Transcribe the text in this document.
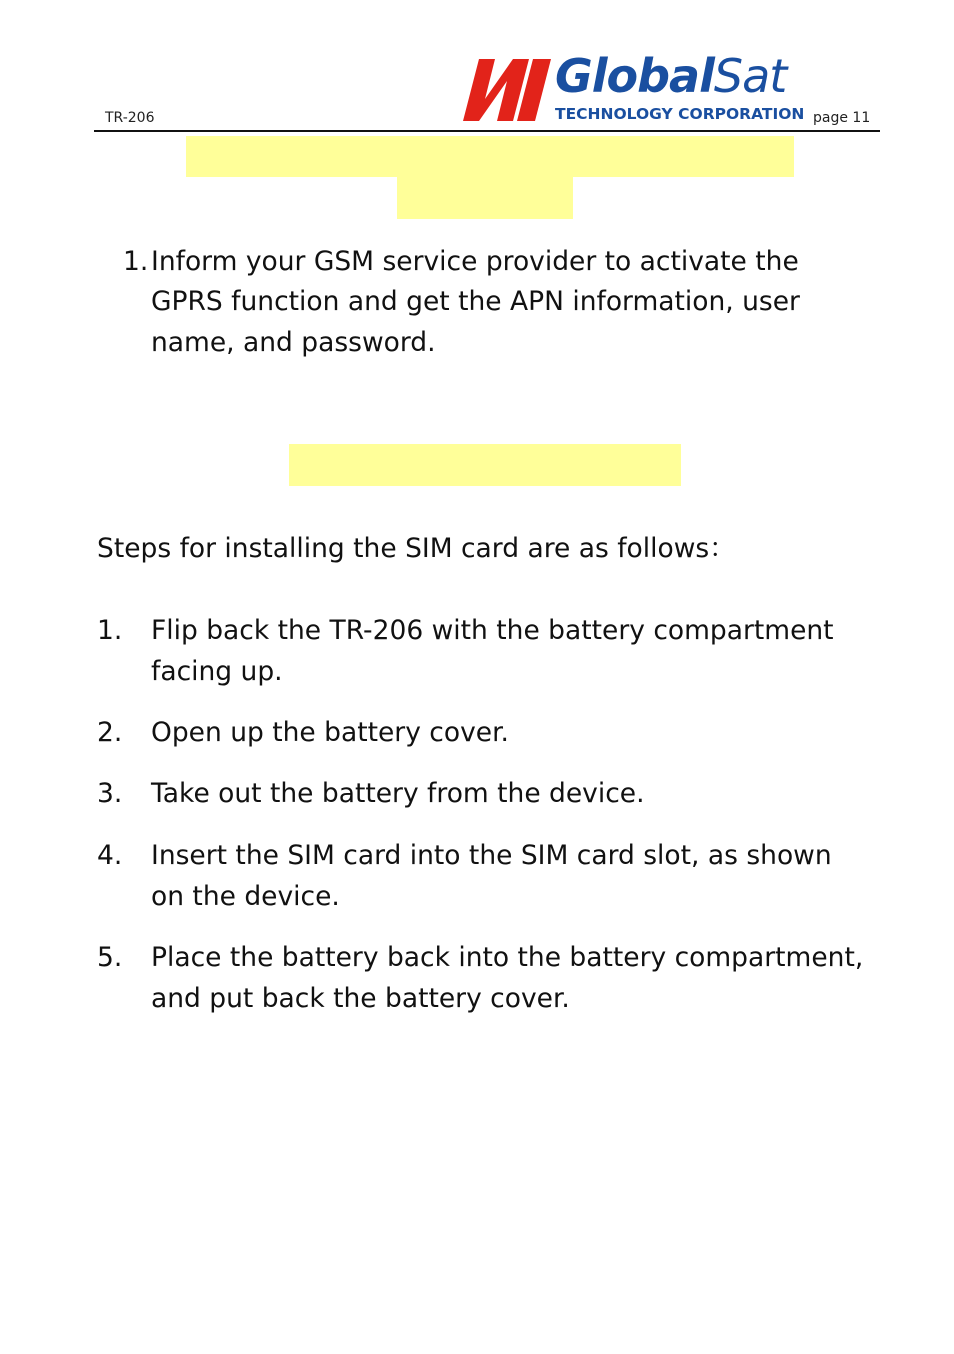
TR-206
GlobalSat
TECHNOLOGY CORPORATION page 11
1. Inform your GSM service provider to activate the
GPRS function and get the APN information, user
name, and password.
Steps for installing the SIM card are as follows：
1. Flip back the TR-206 with the battery compartment
facing up.
2. Open up the battery cover.
3. Take out the battery from the device.
4. Insert the SIM card into the SIM card slot, as shown
on the device.
5. Place the battery back into the battery compartment,
and put back the battery cover.
